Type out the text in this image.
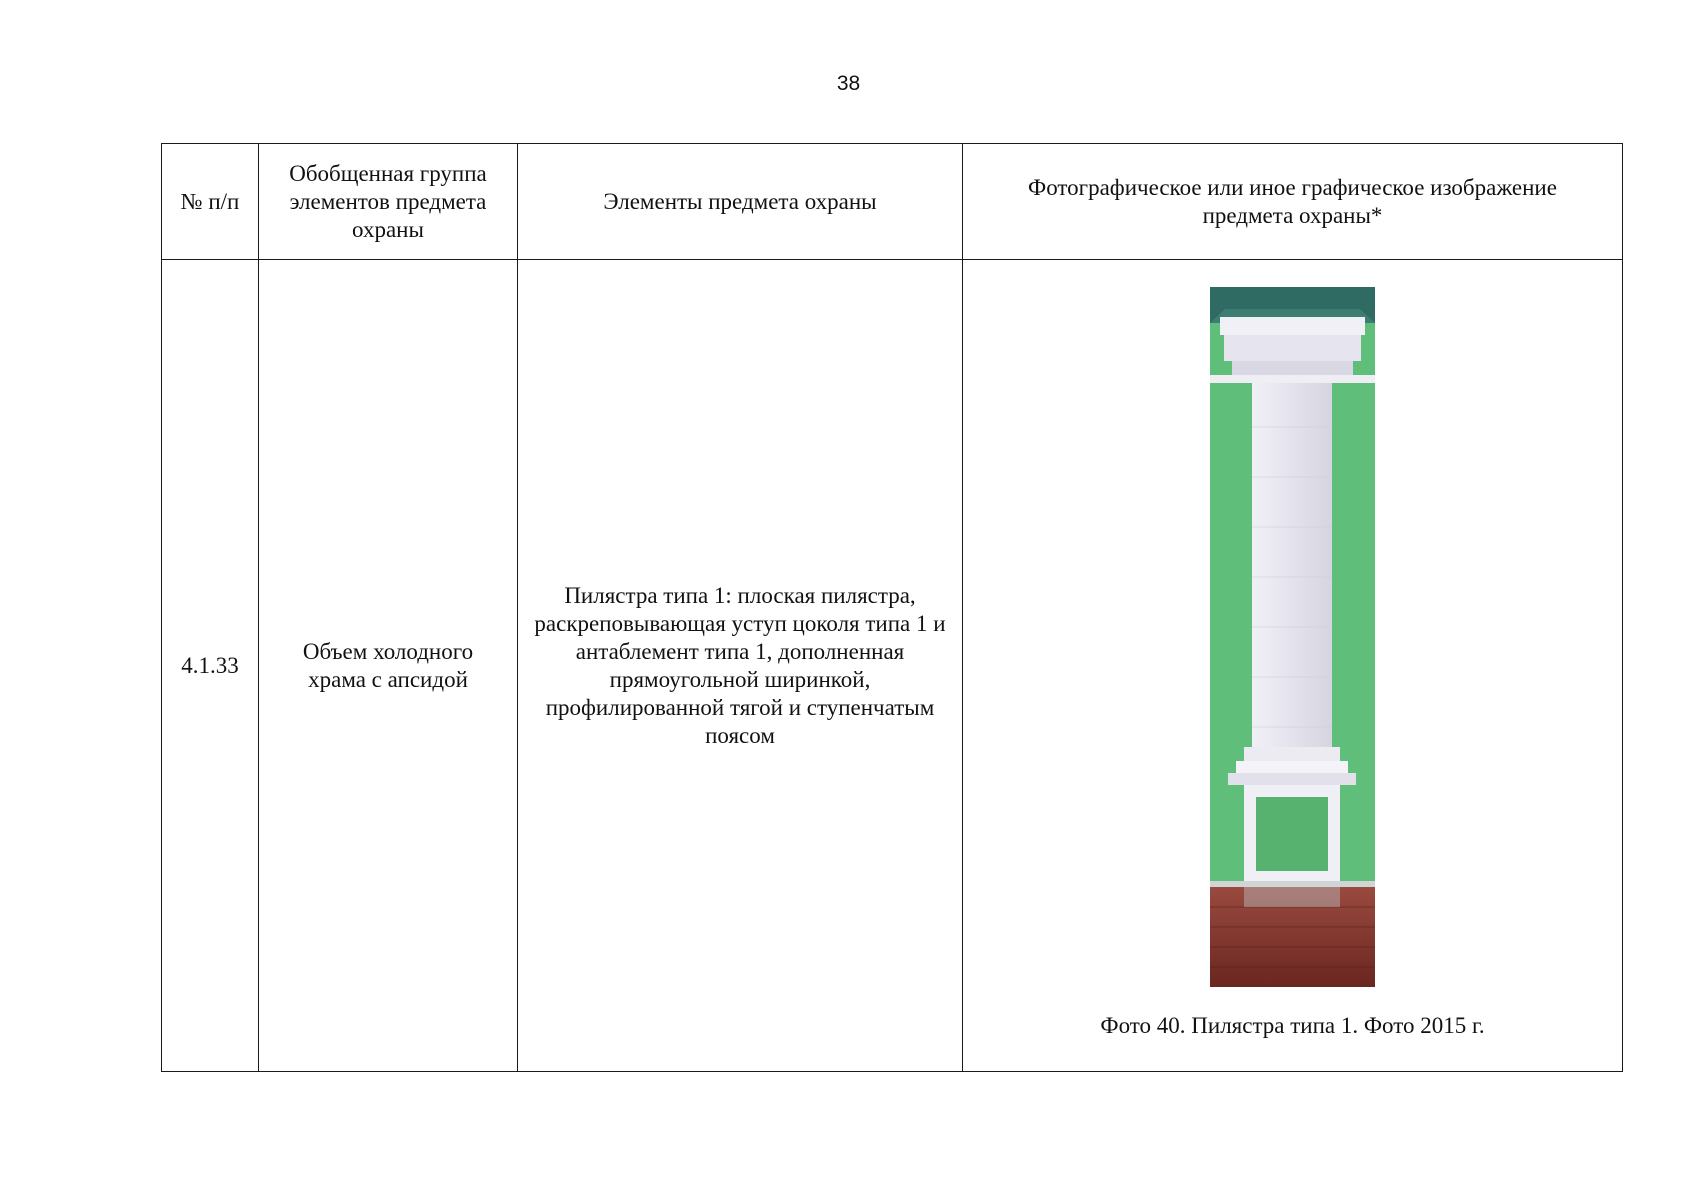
38
№ п/п	Обобщенная группа элементов предмета охраны	Элементы предмета охраны	Фотографическое или иное графическое изображение предмета охраны*
4.1.33	Объем холодного храма с апсидой	Пилястра типа 1: плоская пилястра, раскреповывающая уступ цоколя типа 1 и антаблемент типа 1, дополненная прямоугольной ширинкой, профилированной тягой и ступенчатым поясом	Фото 40. Пилястра типа 1. Фото 2015 г.
